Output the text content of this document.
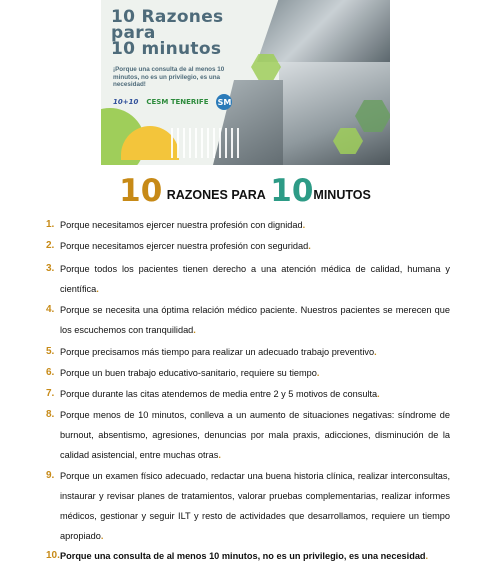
10 Razones
para
10 minutos
¡Porque una consulta de al menos 10 minutos, no es un privilegio, es una necesidad!
10+10 CESM TENERIFE SM
10 RAZONES PARA 10MINUTOS
1. Porque necesitamos ejercer nuestra profesión con dignidad.
2. Porque necesitamos ejercer nuestra profesión con seguridad.
3. Porque todos los pacientes tienen derecho a una atención médica de calidad, humana y científica.
4. Porque se necesita una óptima relación médico paciente. Nuestros pacientes se merecen que los escuchemos con tranquilidad.
5. Porque precisamos más tiempo para realizar un adecuado trabajo preventivo.
6. Porque un buen trabajo educativo-sanitario, requiere su tiempo.
7. Porque durante las citas atendemos de media entre 2 y 5 motivos de consulta.
8. Porque menos de 10 minutos, conlleva a un aumento de situaciones negativas: síndrome de burnout, absentismo, agresiones, denuncias por mala praxis, adicciones, disminución de la calidad asistencial, entre muchas otras.
9. Porque un examen físico adecuado, redactar una buena historia clínica, realizar interconsultas, instaurar y revisar planes de tratamientos, valorar pruebas complementarias, realizar informes médicos, gestionar y seguir ILT y resto de actividades que desarrollamos, requiere un tiempo apropiado.
10. Porque una consulta de al menos 10 minutos, no es un privilegio, es una necesidad.
